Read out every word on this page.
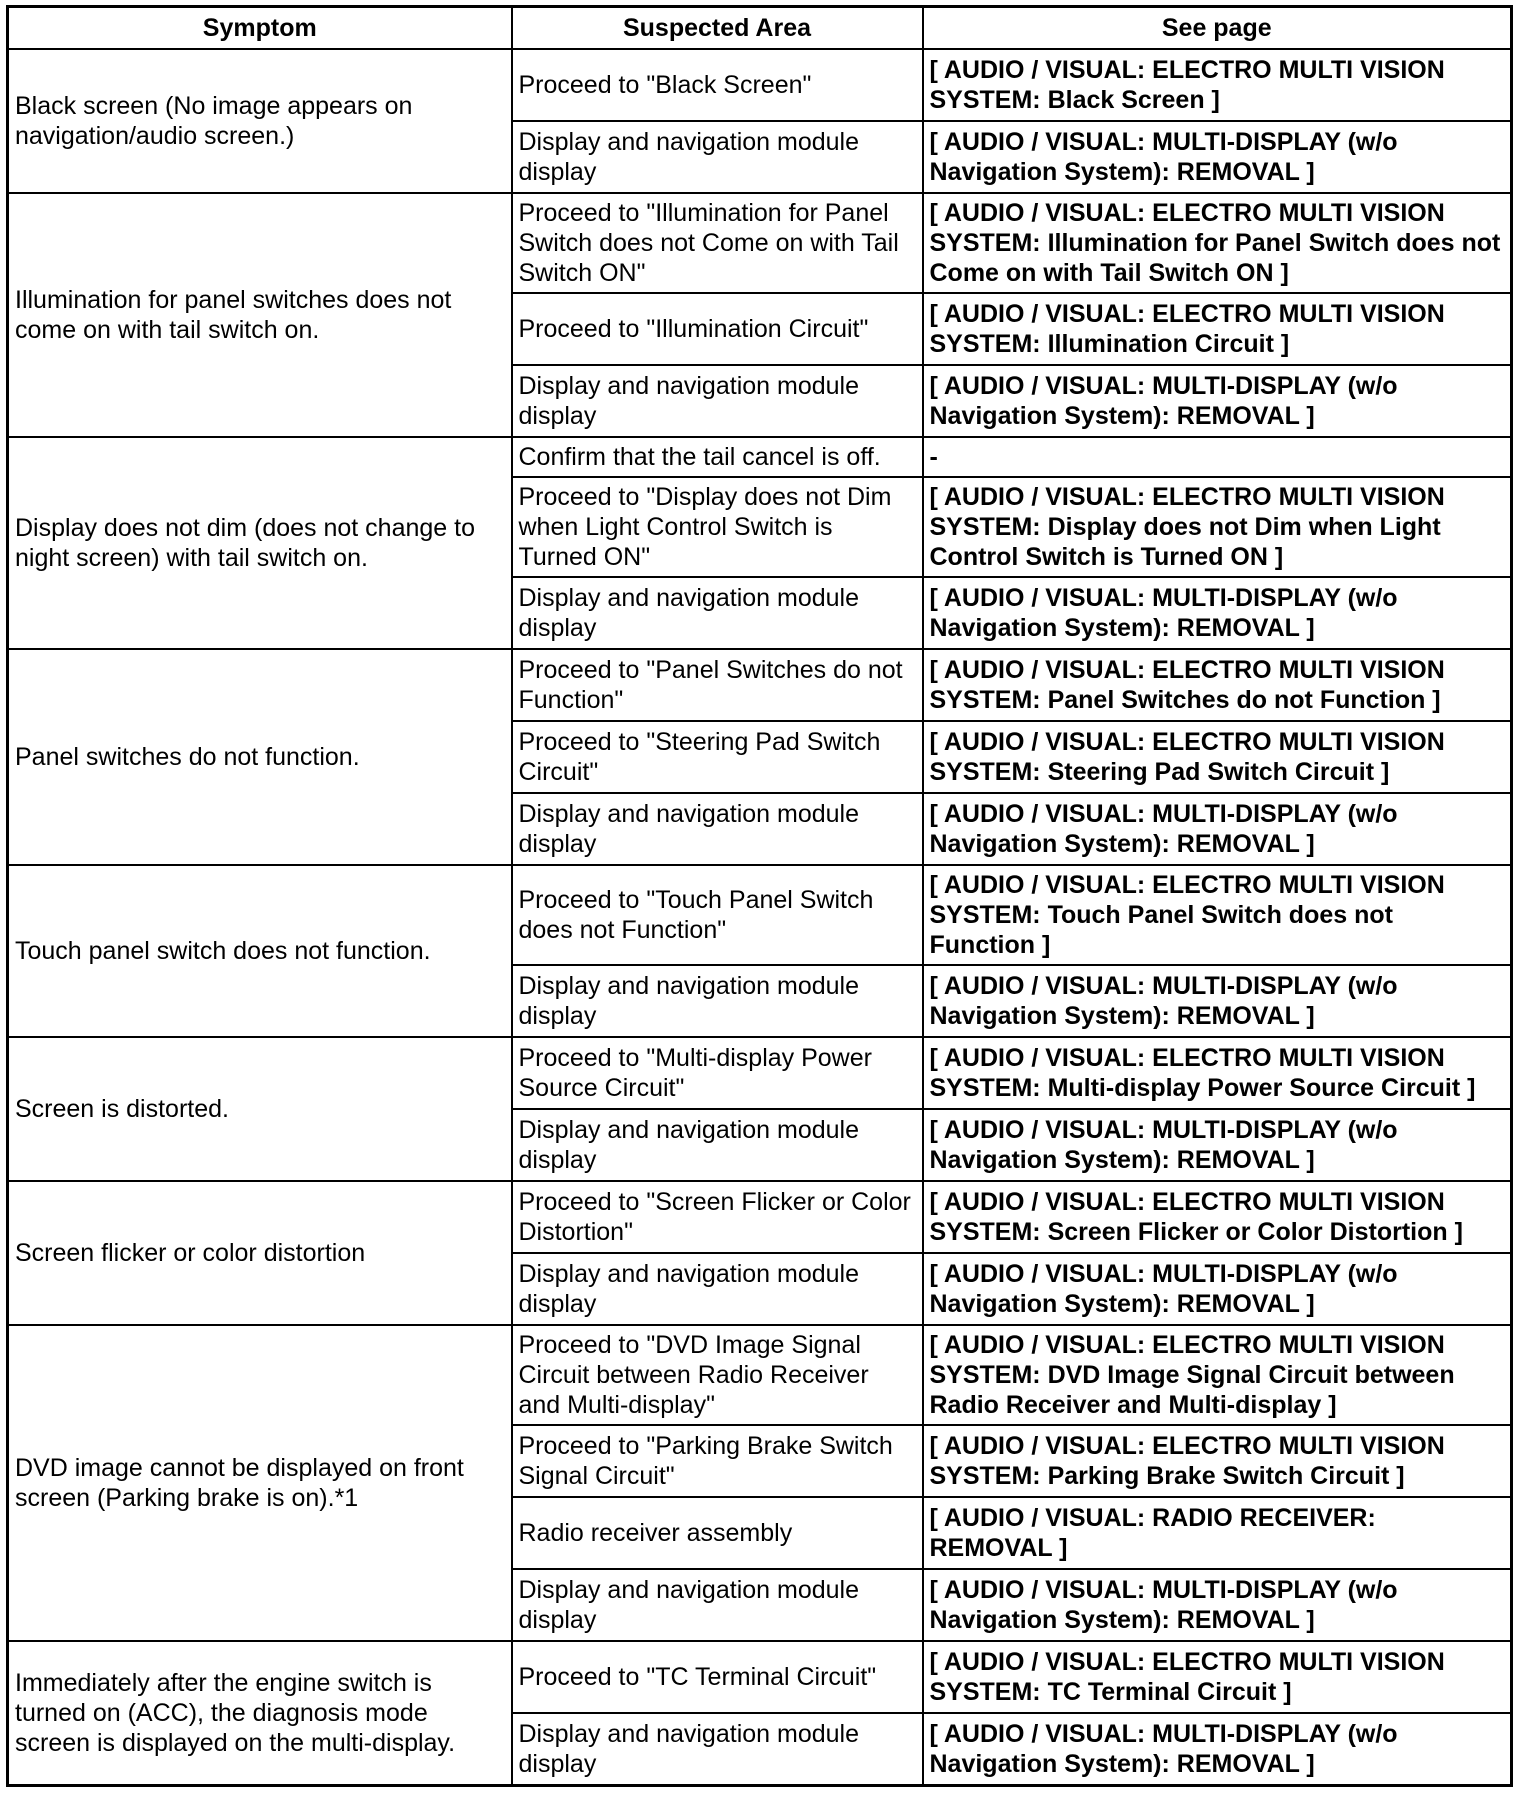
Symptom	Suspected Area	See page
Black screen (No image appears on navigation/audio screen.)	Proceed to "Black Screen"	[ AUDIO / VISUAL: ELECTRO MULTI VISION SYSTEM: Black Screen ]
	Display and navigation module display	[ AUDIO / VISUAL: MULTI-DISPLAY (w/o Navigation System): REMOVAL ]
Illumination for panel switches does not come on with tail switch on.	Proceed to "Illumination for Panel Switch does not Come on with Tail Switch ON"	[ AUDIO / VISUAL: ELECTRO MULTI VISION SYSTEM: Illumination for Panel Switch does not Come on with Tail Switch ON ]
	Proceed to "Illumination Circuit"	[ AUDIO / VISUAL: ELECTRO MULTI VISION SYSTEM: Illumination Circuit ]
	Display and navigation module display	[ AUDIO / VISUAL: MULTI-DISPLAY (w/o Navigation System): REMOVAL ]
Display does not dim (does not change to night screen) with tail switch on.	Confirm that the tail cancel is off.	-
	Proceed to "Display does not Dim when Light Control Switch is Turned ON"	[ AUDIO / VISUAL: ELECTRO MULTI VISION SYSTEM: Display does not Dim when Light Control Switch is Turned ON ]
	Display and navigation module display	[ AUDIO / VISUAL: MULTI-DISPLAY (w/o Navigation System): REMOVAL ]
Panel switches do not function.	Proceed to "Panel Switches do not Function"	[ AUDIO / VISUAL: ELECTRO MULTI VISION SYSTEM: Panel Switches do not Function ]
	Proceed to "Steering Pad Switch Circuit"	[ AUDIO / VISUAL: ELECTRO MULTI VISION SYSTEM: Steering Pad Switch Circuit ]
	Display and navigation module display	[ AUDIO / VISUAL: MULTI-DISPLAY (w/o Navigation System): REMOVAL ]
Touch panel switch does not function.	Proceed to "Touch Panel Switch does not Function"	[ AUDIO / VISUAL: ELECTRO MULTI VISION SYSTEM: Touch Panel Switch does not Function ]
	Display and navigation module display	[ AUDIO / VISUAL: MULTI-DISPLAY (w/o Navigation System): REMOVAL ]
Screen is distorted.	Proceed to "Multi-display Power Source Circuit"	[ AUDIO / VISUAL: ELECTRO MULTI VISION SYSTEM: Multi-display Power Source Circuit ]
	Display and navigation module display	[ AUDIO / VISUAL: MULTI-DISPLAY (w/o Navigation System): REMOVAL ]
Screen flicker or color distortion	Proceed to "Screen Flicker or Color Distortion"	[ AUDIO / VISUAL: ELECTRO MULTI VISION SYSTEM: Screen Flicker or Color Distortion ]
	Display and navigation module display	[ AUDIO / VISUAL: MULTI-DISPLAY (w/o Navigation System): REMOVAL ]
DVD image cannot be displayed on front screen (Parking brake is on).*1	Proceed to "DVD Image Signal Circuit between Radio Receiver and Multi-display"	[ AUDIO / VISUAL: ELECTRO MULTI VISION SYSTEM: DVD Image Signal Circuit between Radio Receiver and Multi-display ]
	Proceed to "Parking Brake Switch Signal Circuit"	[ AUDIO / VISUAL: ELECTRO MULTI VISION SYSTEM: Parking Brake Switch Circuit ]
	Radio receiver assembly	[ AUDIO / VISUAL: RADIO RECEIVER: REMOVAL ]
	Display and navigation module display	[ AUDIO / VISUAL: MULTI-DISPLAY (w/o Navigation System): REMOVAL ]
Immediately after the engine switch is turned on (ACC), the diagnosis mode screen is displayed on the multi-display.	Proceed to "TC Terminal Circuit"	[ AUDIO / VISUAL: ELECTRO MULTI VISION SYSTEM: TC Terminal Circuit ]
	Display and navigation module display	[ AUDIO / VISUAL: MULTI-DISPLAY (w/o Navigation System): REMOVAL ]
